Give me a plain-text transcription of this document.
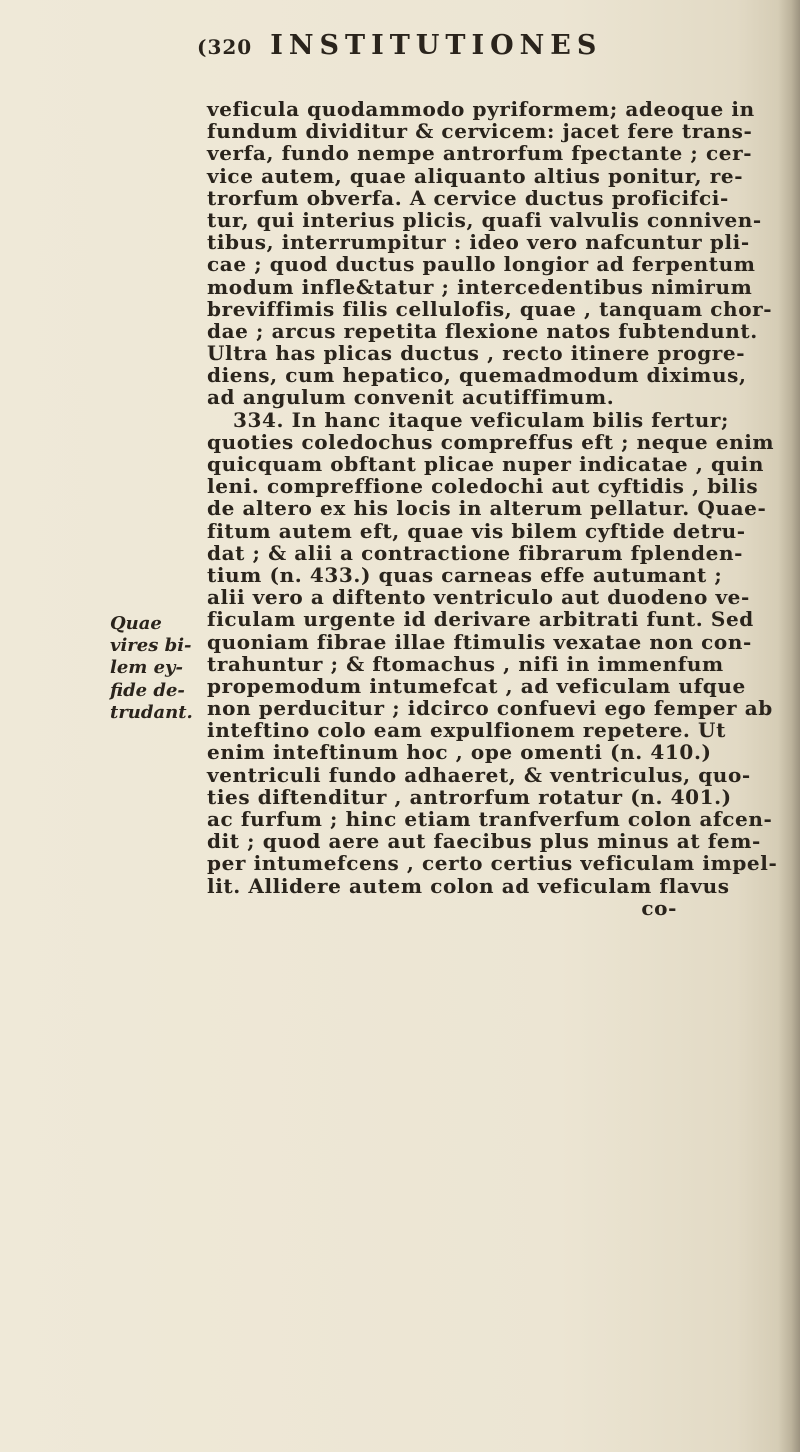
(320 INSTITUTIONES
Quae
vires bi-
lem ey-
fide de-
trudant.
veficula quodammodo pyriformem; adeoque in
fundum dividitur & cervicem: jacet fere trans-
verfa, fundo nempe antrorfum fpectante ; cer-
vice autem, quae aliquanto altius ponitur, re-
trorfum obverfa. A cervice ductus proficifci-
tur, qui interius plicis, quafi valvulis conniven-
tibus, interrumpitur : ideo vero nafcuntur pli-
cae ; quod ductus paullo longior ad ferpentum
modum infle&tatur ; intercedentibus nimirum
breviffimis filis cellulofis, quae , tanquam chor-
dae ; arcus repetita flexione natos fubtendunt.
Ultra has plicas ductus , recto itinere progre-
diens, cum hepatico, quemadmodum diximus,
ad angulum convenit acutiffimum.
334. In hanc itaque veficulam bilis fertur;
quoties coledochus compreffus eft ; neque enim
quicquam obftant plicae nuper indicatae , quin
leni. compreffione coledochi aut cyftidis , bilis
de altero ex his locis in alterum pellatur. Quae-
fitum autem eft, quae vis bilem cyftide detru-
dat ; & alii a contractione fibrarum fplenden-
tium (n. 433.) quas carneas effe autumant ;
alii vero a diftento ventriculo aut duodeno ve-
ficulam urgente id derivare arbitrati funt. Sed
quoniam fibrae illae ftimulis vexatae non con-
trahuntur ; & ftomachus , nifi in immenfum
propemodum intumefcat , ad veficulam ufque
non perducitur ; idcirco confuevi ego femper ab
inteftino colo eam expulfionem repetere. Ut
enim inteftinum hoc , ope omenti (n. 410.)
ventriculi fundo adhaeret, & ventriculus, quo-
ties diftenditur , antrorfum rotatur (n. 401.)
ac furfum ; hinc etiam tranfverfum colon afcen-
dit ; quod aere aut faecibus plus minus at fem-
per intumefcens , certo certius veficulam impel-
lit. Allidere autem colon ad veficulam flavus
co-
